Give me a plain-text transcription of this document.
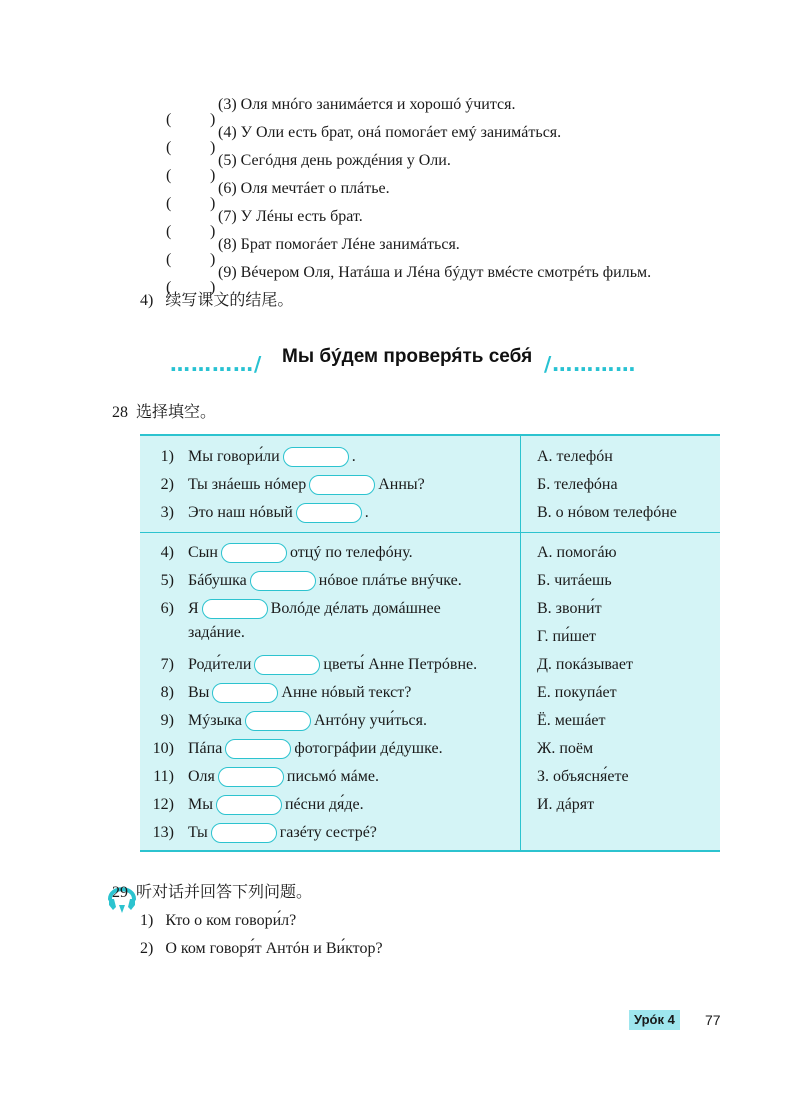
( )
(3) Оля мнóго занимáется и хорошó ýчится.
( )
(4) У Оли есть брат, онá помогáет емý занимáться.
( )
(5) Сегóдня день рождéния у Оли.
( )
(6) Оля мечтáет о плáтье.
( )
(7) У Лéны есть брат.
( )
(8) Брат помогáет Лéне занимáться.
( )
(9) Вéчером Оля, Натáша и Лéна бýдут вмéсте смотрéть фильм.
4) 续写课文的结尾。
…………/ Мы бýдем проверя́ть себя́ /…………
28 选择填空。
1) Мы говори́ли	.
2) Ты знáешь нóмер	Анны?
3) Это наш нóвый	.
А. телефóн
Б. телефóна
В. о нóвом телефóне
4) Сын	отцý по телефóну.
5) Бáбушка	нóвое плáтье внýчке.
6) Я	Волóде дéлать домáшнее
задáние.
7) Роди́тели	цветы́ Анне Петрóвне.
8) Вы	Анне нóвый текст?
9) Мýзыка	Антóну учи́ться.
10) Пáпа	фотогрáфии дéдушке.
11) Оля	письмó мáме.
12) Мы	пéсни дя́де.
13) Ты	газéту сестрé?
А. помогáю
Б. читáешь
В. звони́т
Г. пи́шет
Д. покáзывает
Е. покупáет
Ё. мешáет
Ж. поём
З. объясня́ете
И. дáрят
29 听对话并回答下列问题。
1) Кто о ком говори́л?
2) О ком говоря́т Антóн и Ви́ктор?
Урóк 4	77
